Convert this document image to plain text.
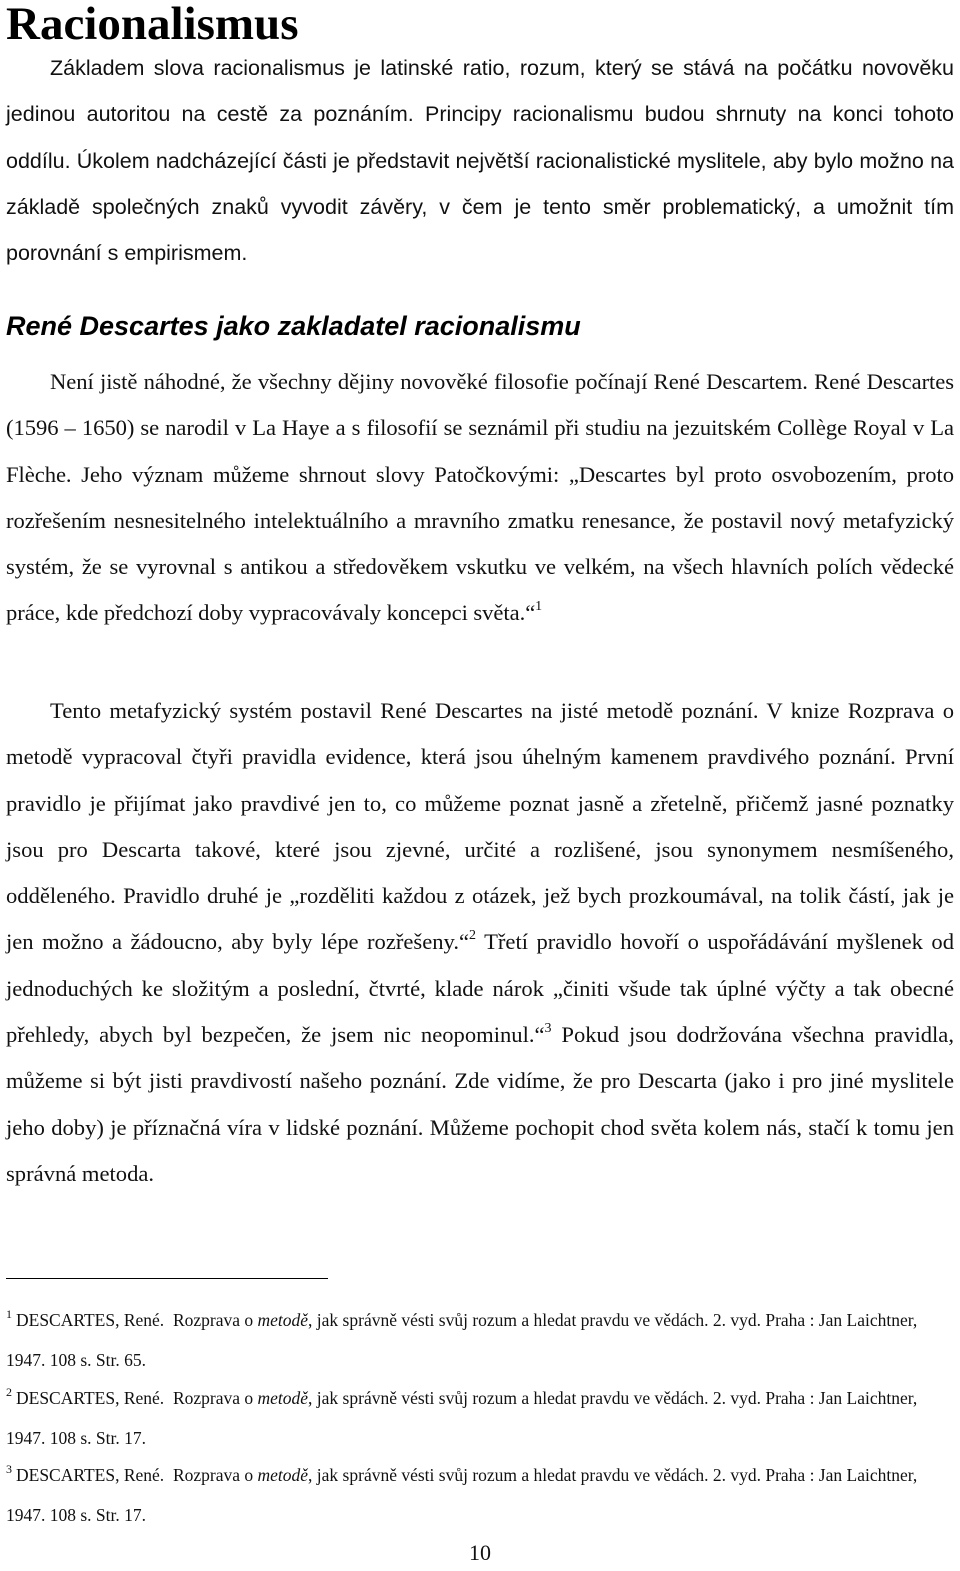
Racionalismus

Základem slova racionalismus je latinské ratio, rozum, který se stává na počátku novověku jedinou autoritou na cestě za poznáním. Principy racionalismu budou shrnuty na konci tohoto oddílu. Úkolem nadcházející části je představit největší racionalistické myslitele, aby bylo možno na základě společných znaků vyvodit závěry, v čem je tento směr problematický, a umožnit tím porovnání s empirismem.

René Descartes jako zakladatel racionalismu

Není jistě náhodné, že všechny dějiny novověké filosofie počínají René Descartem. René Descartes (1596 – 1650) se narodil v La Haye a s filosofií se seznámil při studiu na jezuitském Collège Royal v La Flèche. Jeho význam můžeme shrnout slovy Patočkovými: „Descartes byl proto osvobozením, proto rozřešením nesnesitelného intelektuálního a mravního zmatku renesance, že postavil nový metafyzický systém, že se vyrovnal s antikou a středověkem vskutku ve velkém, na všech hlavních polích vědecké práce, kde předchozí doby vypracovávaly koncepci světa.“$^1$

Tento metafyzický systém postavil René Descartes na jisté metodě poznání. V knize Rozprava o metodě vypracoval čtyři pravidla evidence, která jsou úhelným kamenem pravdivého poznání. První pravidlo je přijímat jako pravdivé jen to, co můžeme poznat jasně a zřetelně, přičemž jasné poznatky jsou pro Descarta takové, které jsou zjevné, určité a rozlišené, jsou synonymem nesmíšeného, odděleného. Pravidlo druhé je „rozděliti každou z otázek, jež bych prozkoumával, na tolik částí, jak je jen možno a žádoucno, aby byly lépe rozřešeny.“$^2$ Třetí pravidlo hovoří o uspořádávání myšlenek od jednoduchých ke složitým a poslední, čtvrté, klade nárok „činiti všude tak úplné výčty a tak obecné přehledy, abych byl bezpečen, že jsem nic neopominul.“$^3$ Pokud jsou dodržována všechna pravidla, můžeme si být jisti pravdivostí našeho poznání. Zde vidíme, že pro Descarta (jako i pro jiné myslitele jeho doby) je příznačná víra v lidské poznání. Můžeme pochopit chod světa kolem nás, stačí k tomu jen správná metoda.

$^1$ DESCARTES, René. Rozprava o metodě, jak správně vésti svůj rozum a hledat pravdu ve vědách. 2. vyd. Praha : Jan Laichtner, 1947. 108 s. Str. 65.

$^2$ DESCARTES, René. Rozprava o metodě, jak správně vésti svůj rozum a hledat pravdu ve vědách. 2. vyd. Praha : Jan Laichtner, 1947. 108 s. Str. 17.

$^3$ DESCARTES, René. Rozprava o metodě, jak správně vésti svůj rozum a hledat pravdu ve vědách. 2. vyd. Praha : Jan Laichtner, 1947. 108 s. Str. 17.

10
